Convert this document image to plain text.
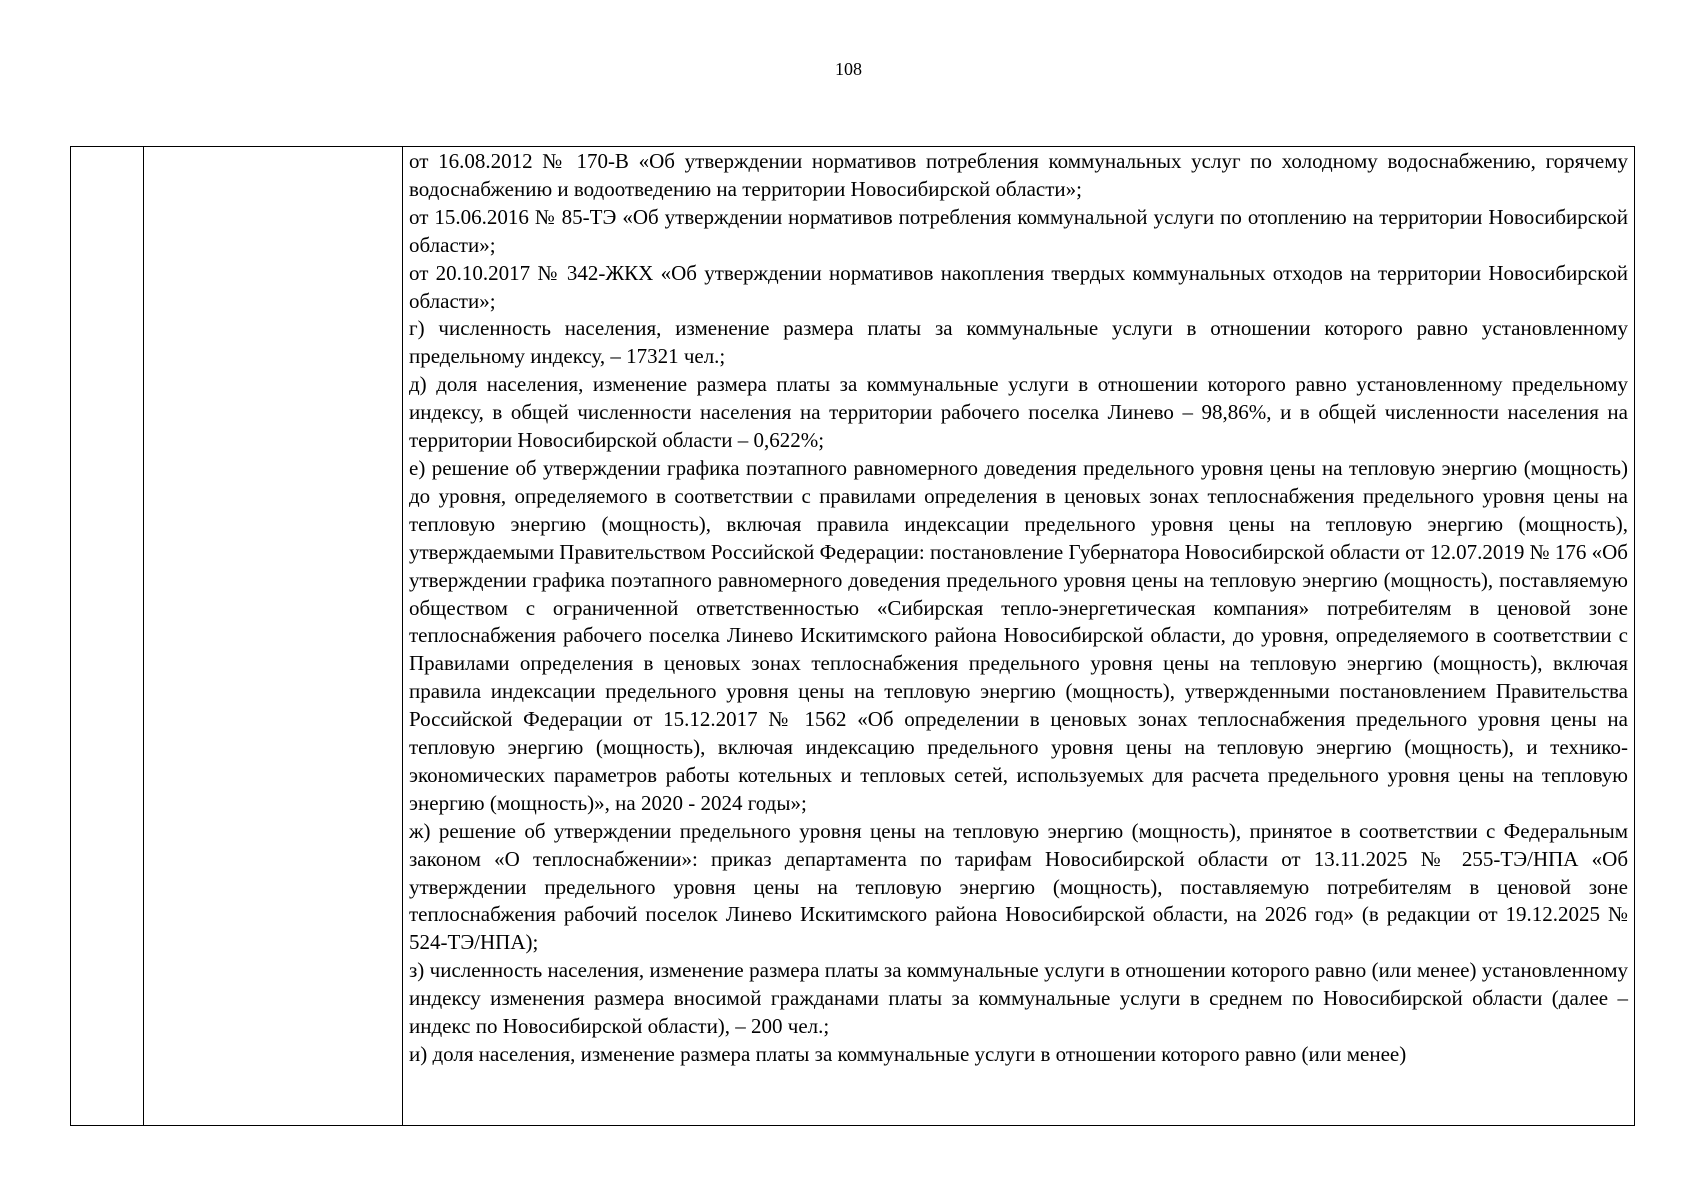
108

от 16.08.2012 № 170-В «Об утверждении нормативов потребления коммунальных услуг по холодному водоснабжению, горячему водоснабжению и водоотведению на территории Новосибирской области»;

от 15.06.2016 № 85-ТЭ «Об утверждении нормативов потребления коммунальной услуги по отоплению на территории Новосибирской области»;

от 20.10.2017 № 342-ЖКХ «Об утверждении нормативов накопления твердых коммунальных отходов на территории Новосибирской области»;

г) численность населения, изменение размера платы за коммунальные услуги в отношении которого равно установленному предельному индексу, – 17321 чел.;

д) доля населения, изменение размера платы за коммунальные услуги в отношении которого равно установленному предельному индексу, в общей численности населения на территории рабочего поселка Линево – 98,86%, и в общей численности населения на территории Новосибирской области – 0,622%;

е) решение об утверждении графика поэтапного равномерного доведения предельного уровня цены на тепловую энергию (мощность) до уровня, определяемого в соответствии с правилами определения в ценовых зонах теплоснабжения предельного уровня цены на тепловую энергию (мощность), включая правила индексации предельного уровня цены на тепловую энергию (мощность), утверждаемыми Правительством Российской Федерации: постановление Губернатора Новосибирской области от 12.07.2019 № 176 «Об утверждении графика поэтапного равномерного доведения предельного уровня цены на тепловую энергию (мощность), поставляемую обществом с ограниченной ответственностью «Сибирская тепло-энергетическая компания» потребителям в ценовой зоне теплоснабжения рабочего поселка Линево Искитимского района Новосибирской области, до уровня, определяемого в соответствии с Правилами определения в ценовых зонах теплоснабжения предельного уровня цены на тепловую энергию (мощность), включая правила индексации предельного уровня цены на тепловую энергию (мощность), утвержденными постановлением Правительства Российской Федерации от 15.12.2017 № 1562 «Об определении в ценовых зонах теплоснабжения предельного уровня цены на тепловую энергию (мощность), включая индексацию предельного уровня цены на тепловую энергию (мощность), и технико-экономических параметров работы котельных и тепловых сетей, используемых для расчета предельного уровня цены на тепловую энергию (мощность)», на 2020 - 2024 годы»;

ж) решение об утверждении предельного уровня цены на тепловую энергию (мощность), принятое в соответствии с Федеральным законом «О теплоснабжении»: приказ департамента по тарифам Новосибирской области от 13.11.2025 № 255-ТЭ/НПА «Об утверждении предельного уровня цены на тепловую энергию (мощность), поставляемую потребителям в ценовой зоне теплоснабжения рабочий поселок Линево Искитимского района Новосибирской области, на 2026 год» (в редакции от 19.12.2025 № 524-ТЭ/НПА);

з) численность населения, изменение размера платы за коммунальные услуги в отношении которого равно (или менее) установленному индексу изменения размера вносимой гражданами платы за коммунальные услуги в среднем по Новосибирской области (далее – индекс по Новосибирской области), – 200 чел.;

и) доля населения, изменение размера платы за коммунальные услуги в отношении которого равно (или менее)
